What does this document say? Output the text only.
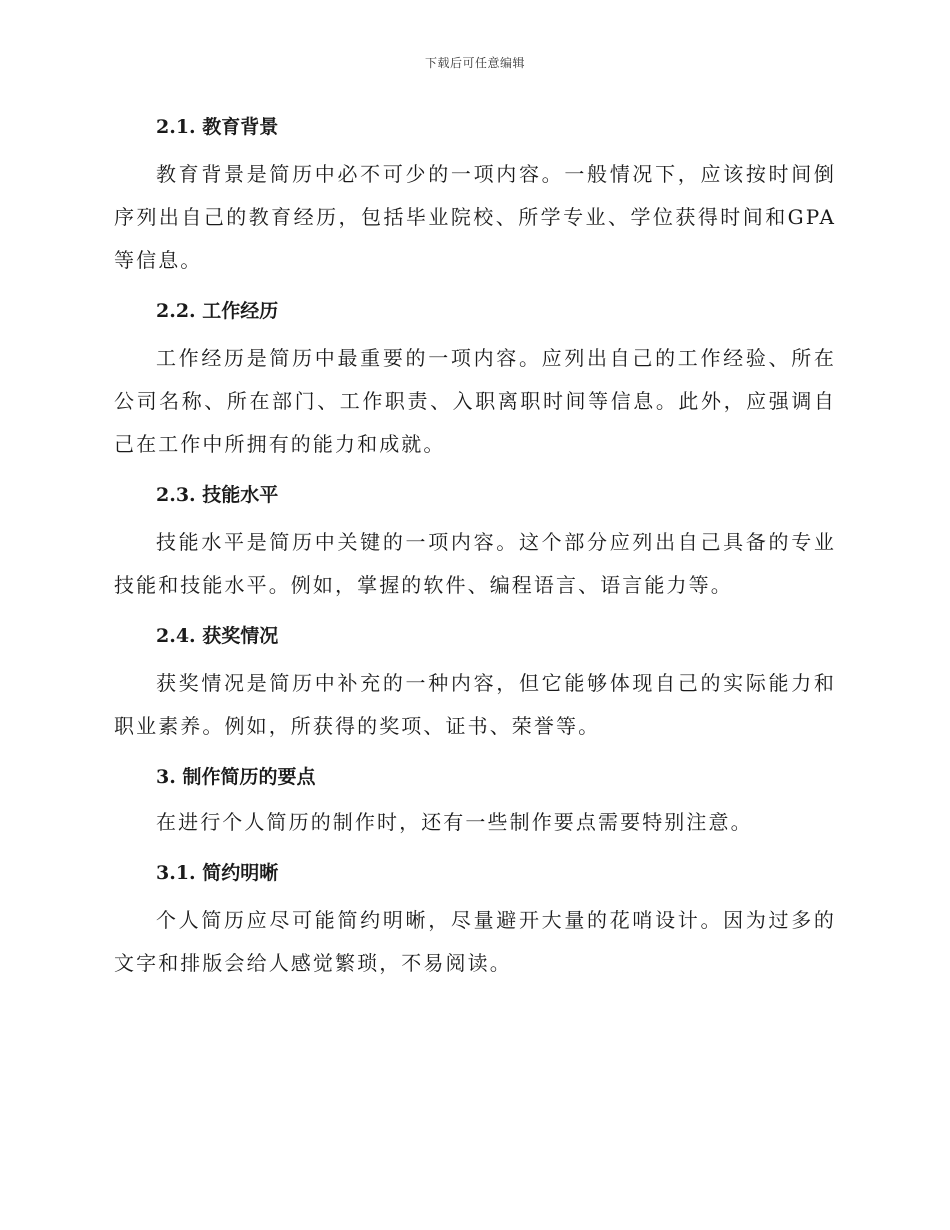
下载后可任意编辑
2.1. 教育背景

教育背景是简历中必不可少的一项内容。一般情况下，应该按时间倒序列出自己的教育经历，包括毕业院校、所学专业、学位获得时间和GPA等信息。

2.2. 工作经历

工作经历是简历中最重要的一项内容。应列出自己的工作经验、所在公司名称、所在部门、工作职责、入职离职时间等信息。此外，应强调自己在工作中所拥有的能力和成就。

2.3. 技能水平

技能水平是简历中关键的一项内容。这个部分应列出自己具备的专业技能和技能水平。例如，掌握的软件、编程语言、语言能力等。

2.4. 获奖情况

获奖情况是简历中补充的一种内容，但它能够体现自己的实际能力和职业素养。例如，所获得的奖项、证书、荣誉等。

3. 制作简历的要点

在进行个人简历的制作时，还有一些制作要点需要特别注意。

3.1. 简约明晰

个人简历应尽可能简约明晰，尽量避开大量的花哨设计。因为过多的文字和排版会给人感觉繁琐，不易阅读。
